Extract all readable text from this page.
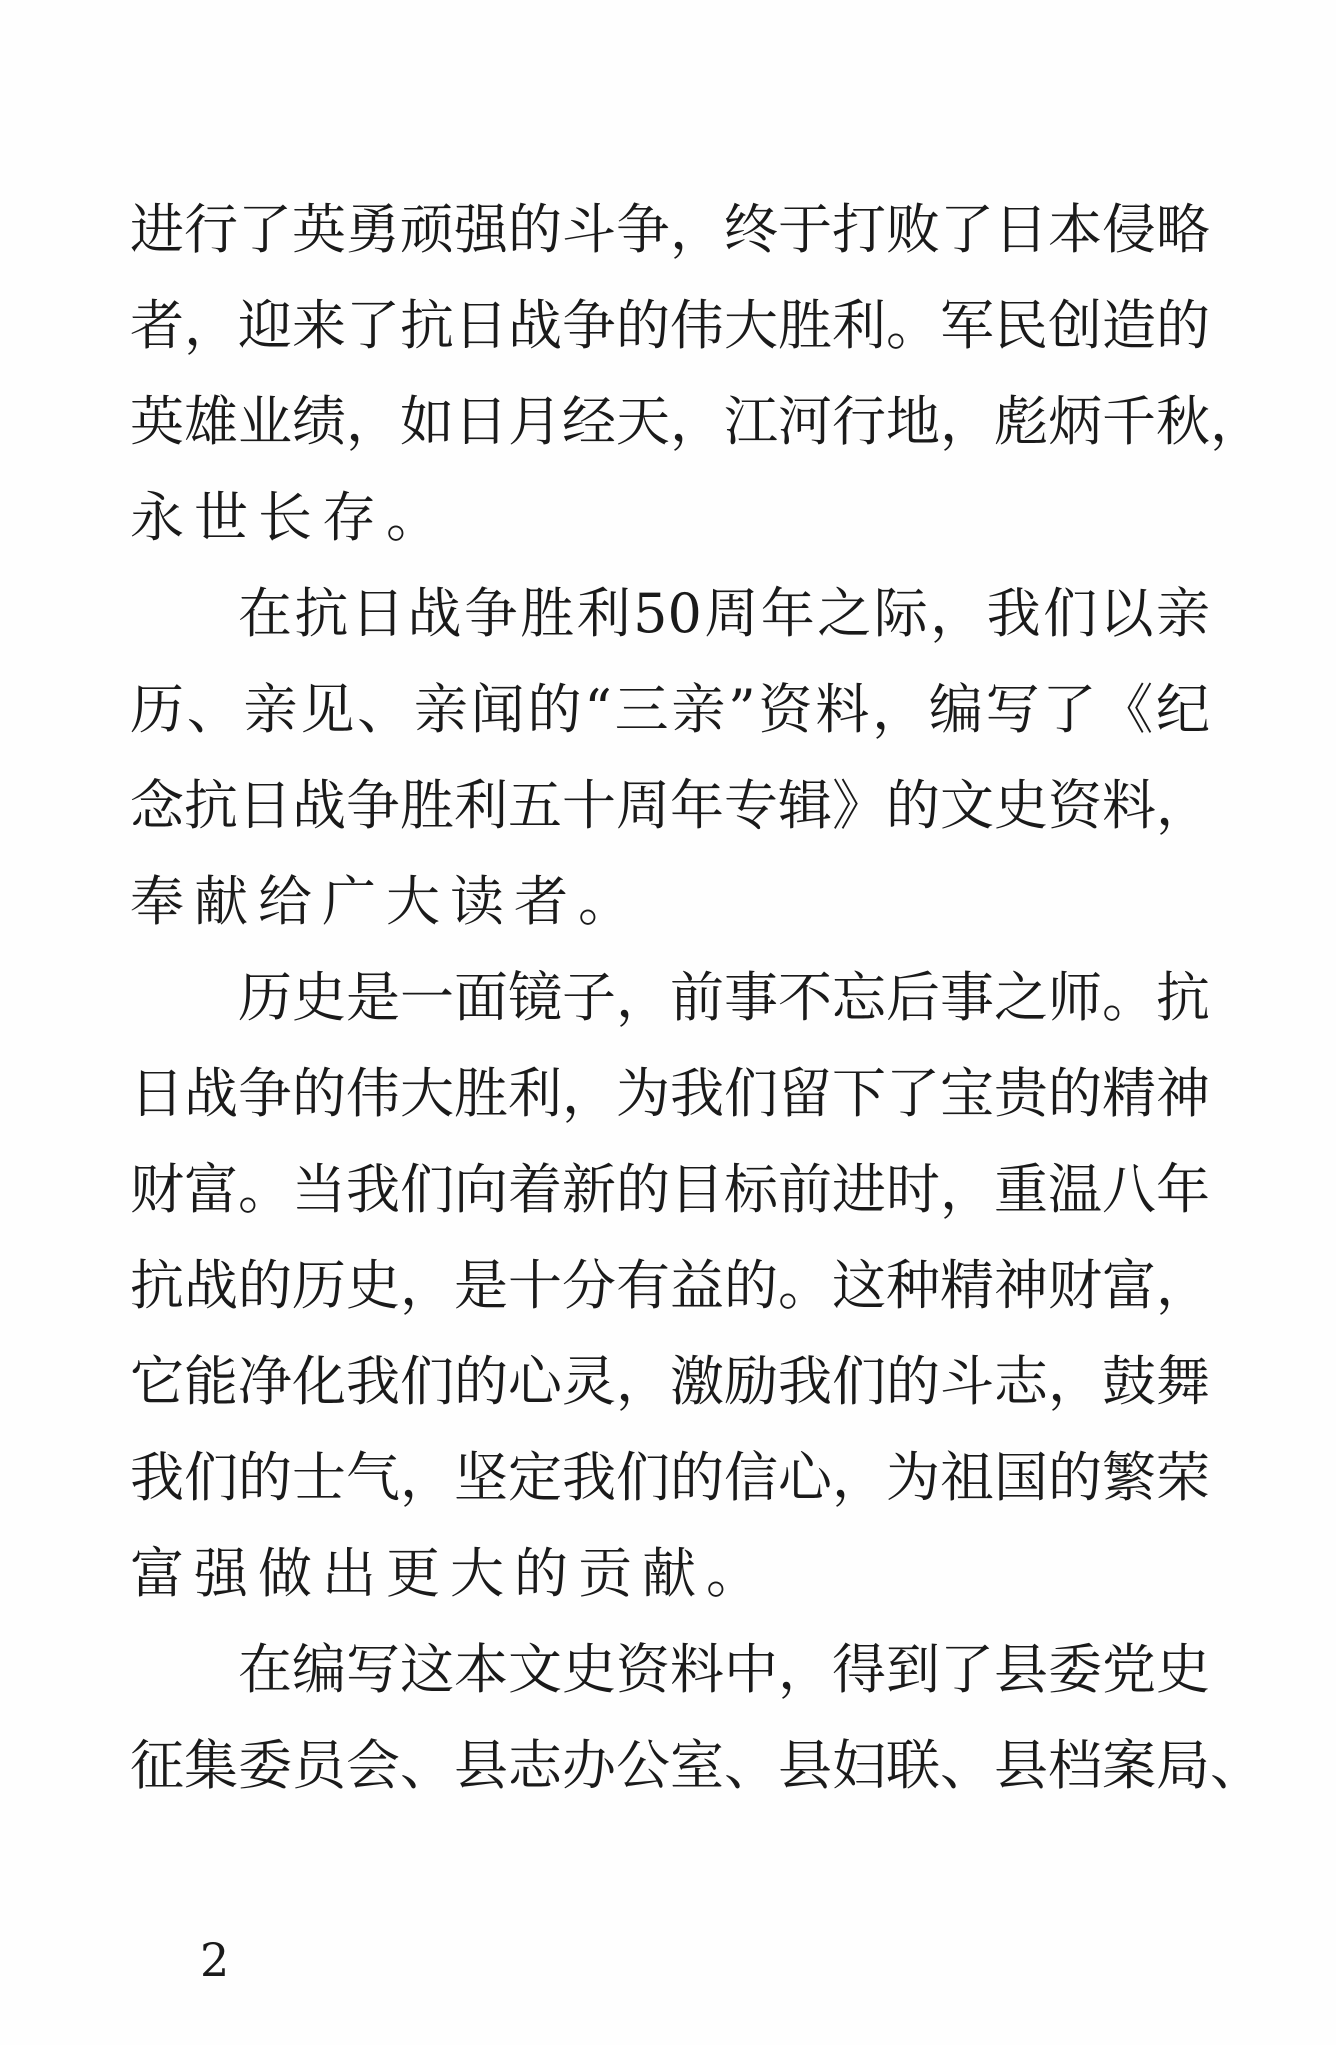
进行了英勇顽强的斗争，终于打败了日本侵略
者，迎来了抗日战争的伟大胜利。军民创造的
英雄业绩，如日月经天，江河行地，彪炳千秋，
永世长存。
在抗日战争胜利50周年之际，我们以亲
历、亲见、亲闻的“三亲”资料，编写了《纪
念抗日战争胜利五十周年专辑》的文史资料，
奉献给广大读者。
历史是一面镜子，前事不忘后事之师。抗
日战争的伟大胜利，为我们留下了宝贵的精神
财富。当我们向着新的目标前进时，重温八年
抗战的历史，是十分有益的。这种精神财富，
它能净化我们的心灵，激励我们的斗志，鼓舞
我们的士气，坚定我们的信心，为祖国的繁荣
富强做出更大的贡献。
在编写这本文史资料中，得到了县委党史
征集委员会、县志办公室、县妇联、县档案局、
2
